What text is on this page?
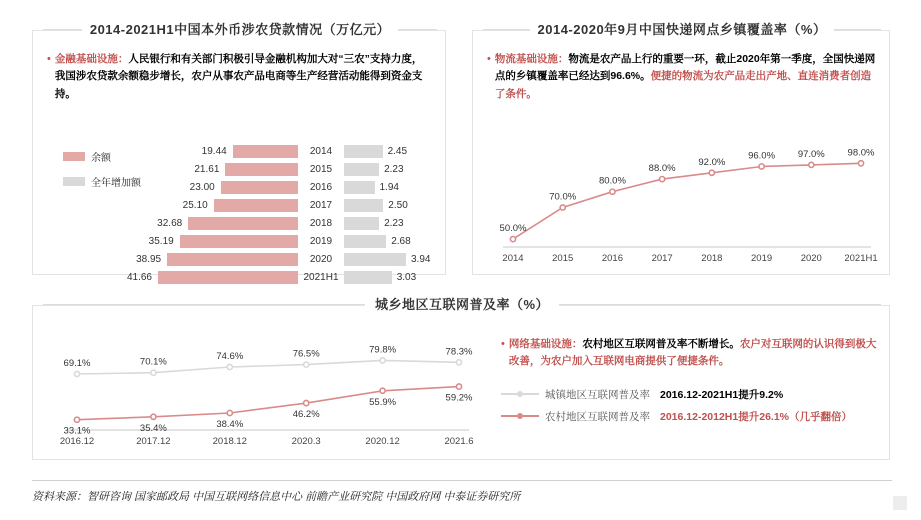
2014-2021H1中国本外币涉农贷款情况（万亿元）
• 金融基础设施：人民银行和有关部门积极引导金融机构加大对“三农”支持力度，我国涉农贷款余额稳步增长，农户从事农产品电商等生产经营活动能得到资金支持。
余额
全年增加额
19.44	2014	2.45
21.61	2015	2.23
23.00	2016	1.94
25.10	2017	2.50
32.68	2018	2.23
35.19	2019	2.68
38.95	2020	3.94
41.66	2021H1	3.03
2014-2020年9月中国快递网点乡镇覆盖率（%）
• 物流基础设施：物流是农产品上行的重要一环，截止2020年第一季度，全国快递网点的乡镇覆盖率已经达到96.6%。便捷的物流为农产品走出产地、直连消费者创造了条件。
50.0%
70.0%
80.0%
88.0%
92.0%
96.0% 97.0% 98.0%
2014	2015	2016	2017	2018	2019	2020 2021H1
城乡地区互联网普及率（%）
69.1%	70.1%
74.6%	76.5%	79.8%	78.3%
33.1%	35.4%	38.4%
46.2%
55.9%	59.2%
2016.12	2017.12	2018.12	2020.3	2020.12	2021.6
• 网络基础设施：农村地区互联网普及率不断增长。农户对互联网的认识得到极大改善，为农户加入互联网电商提供了便捷条件。
城镇地区互联网普及率 2016.12-2021H1提升9.2%
农村地区互联网普及率 2016.12-2012H1提升26.1%（几乎翻倍）
资料来源：智研咨询 国家邮政局 中国互联网络信息中心 前瞻产业研究院 中国政府网 中泰证券研究所
